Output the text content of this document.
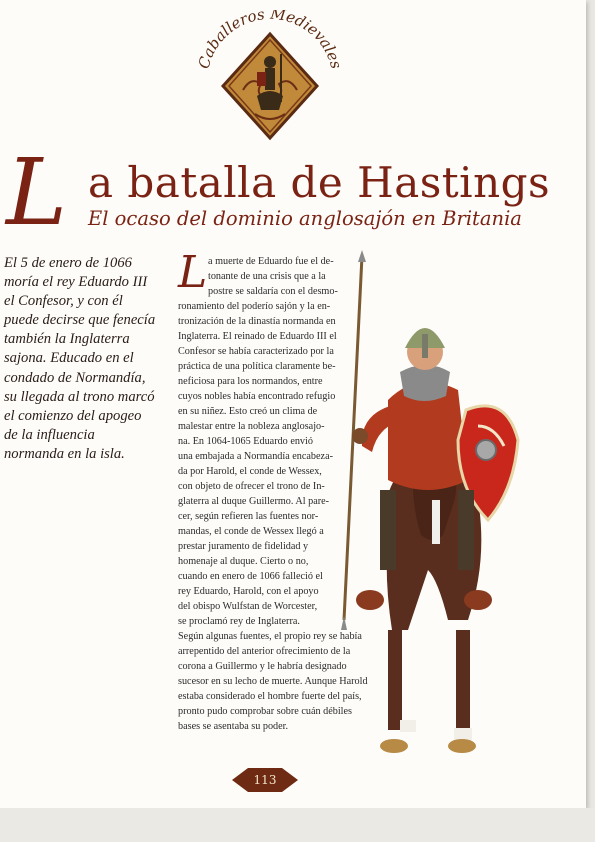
Caballeros Medievales
L a batalla de Hastings
El ocaso del dominio anglosajón en Britania

El 5 de enero de 1066

moría el rey Eduardo III

el Confesor, y con él

puede decirse que fenecía

también la Inglaterra

sajona. Educado en el

condado de Normandía,

su llegada al trono marcó

el comienzo del apogeo

de la influencia

normanda en la isla.

L a muerte de Eduardo fue el de-
tonante de una crisis que a la
postre se saldaría con el desmo-
ronamiento del poderío sajón y la en-
tronización de la dinastía normanda en
Inglaterra. El reinado de Eduardo III el
Confesor se había caracterizado por la
práctica de una política claramente be-
neficiosa para los normandos, entre
cuyos nobles había encontrado refugio
en su niñez. Esto creó un clima de
malestar entre la nobleza anglosajo-
na. En 1064-1065 Eduardo envió
una embajada a Normandía encabeza-
da por Harold, el conde de Wessex,
con objeto de ofrecer el trono de In-
glaterra al duque Guillermo. Al pare-
cer, según refieren las fuentes nor-
mandas, el conde de Wessex llegó a
prestar juramento de fidelidad y
homenaje al duque. Cierto o no,
cuando en enero de 1066 falleció el
rey Eduardo, Harold, con el apoyo
del obispo Wulfstan de Worcester,
se proclamó rey de Inglaterra.
Según algunas fuentes, el propio rey se había
arrepentido del anterior ofrecimiento de la
corona a Guillermo y le habría designado
sucesor en su lecho de muerte. Aunque Harold
estaba considerado el hombre fuerte del país,
pronto pudo comprobar sobre cuán débiles
bases se asentaba su poder.
113
